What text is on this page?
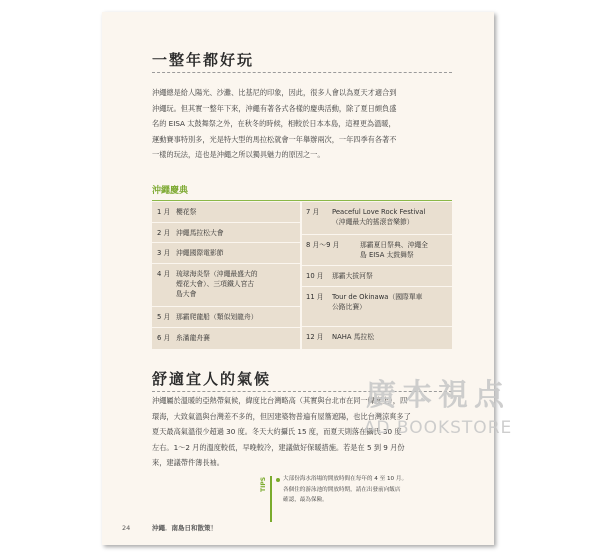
一整年都好玩
沖繩總是給人陽光、沙灘、比基尼的印象，因此，很多人會以為夏天才適合到
沖繩玩。但其實一整年下來，沖繩有著各式各樣的慶典活動，除了夏日頗負盛
名的 EISA 太鼓舞祭之外，在秋冬的時候，相較於日本本島，這裡更為溫暖，
運動賽事特別多，光是特大型的馬拉松就會一年舉辦兩次，一年四季有各著不
一樣的玩法，這也是沖繩之所以獨具魅力的原因之一。
沖繩慶典
1 月 櫻花祭
2 月 沖繩馬拉松大會
3 月 沖繩國際電影節

4 月 琉球海炎祭（沖繩最盛大的
煙花大會）、三項鐵人宮古
島大會

5 月 那霸爬龍船（類似划龍舟）
6 月 糸滿龍舟賽
7 月 Peaceful Love Rock Festival
（沖繩最大的搖滾音樂節）
8 月～9 月	那霸夏日祭典、沖繩全
島 EISA 太鼓舞祭
10 月 那霸大拔河祭
11 月 Tour de Okinawa（國際單車
公路比賽）
12 月 NAHA 馬拉松
舒適宜人的氣候
沖繩屬於溫暖的亞熱帶氣候，緯度比台灣略高（其實與台北市在同一緯度上），四
環海，大致氣溫與台灣差不多的，但因建築物普遍有屋簷遮陽，也比台灣涼爽多了
夏天最高氣溫很少超過 30 度。冬天大約攝氏 15 度，而夏天則落在攝氏 30 度
左右。1～2 月的溫度較低，早晚較冷，建議做好保暖措施。若是在 5 到 9 月份
來，建議帶件薄長袖。
TIPS	大部份海水浴場的開放時間在每年的 4 至 10 月。
各個住的游泳池的開放時期，請在出發前向飯店
確認，最為保險。
24	沖繩．南島日和散策！
廣本視点
AD BOOKSTORE
